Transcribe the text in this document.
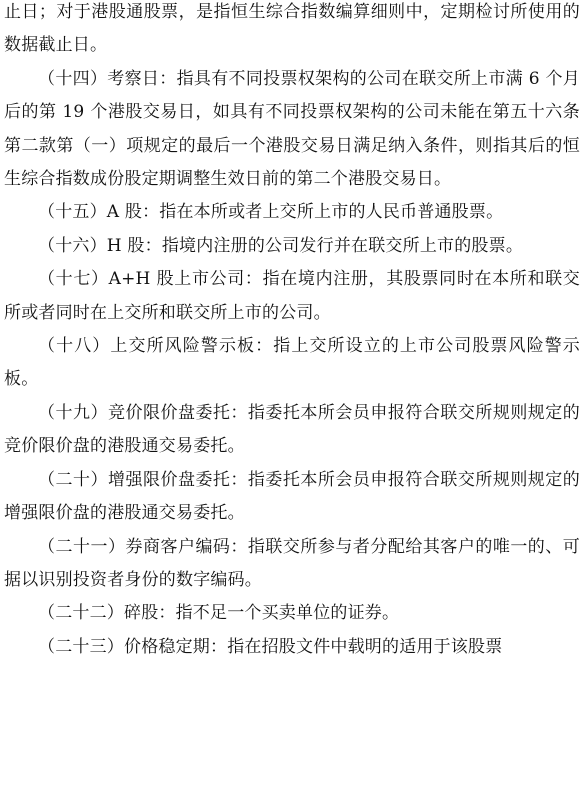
止日；对于港股通股票，是指恒生综合指数编算细则中，定期检讨所使用的数据截止日。

（十四）考察日：指具有不同投票权架构的公司在联交所上市满 6 个月后的第 19 个港股交易日，如具有不同投票权架构的公司未能在第五十六条第二款第（一）项规定的最后一个港股交易日满足纳入条件，则指其后的恒生综合指数成份股定期调整生效日前的第二个港股交易日。

（十五）A 股：指在本所或者上交所上市的人民币普通股票。

（十六）H 股：指境内注册的公司发行并在联交所上市的股票。

（十七）A+H 股上市公司：指在境内注册，其股票同时在本所和联交所或者同时在上交所和联交所上市的公司。

（十八）上交所风险警示板：指上交所设立的上市公司股票风险警示板。

（十九）竞价限价盘委托：指委托本所会员申报符合联交所规则规定的竞价限价盘的港股通交易委托。

（二十）增强限价盘委托：指委托本所会员申报符合联交所规则规定的增强限价盘的港股通交易委托。

（二十一）券商客户编码：指联交所参与者分配给其客户的唯一的、可据以识别投资者身份的数字编码。

（二十二）碎股：指不足一个买卖单位的证券。

（二十三）价格稳定期：指在招股文件中载明的适用于该股票
